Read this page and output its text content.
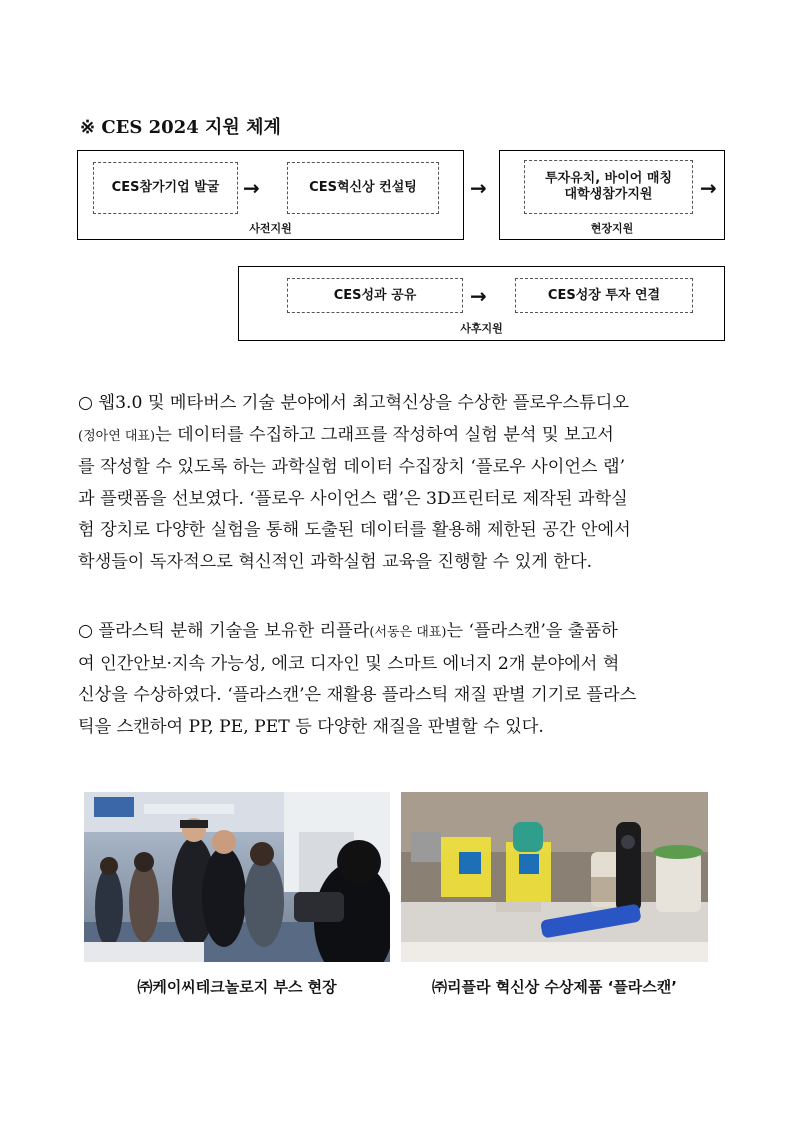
※ CES 2024 지원 체계
CES참가기업 발굴	→	CES혁신상 컨설팅
사전지원
→	투자유치, 바이어 매칭
대학생참가지원 →
현장지원
CES성과 공유	→	CES성장 투자 연결
사후지원
○ 웹3.0 및 메타버스 기술 분야에서 최고혁신상을 수상한 플로우스튜디오
(정아연 대표)는 데이터를 수집하고 그래프를 작성하여 실험 분석 및 보고서
를 작성할 수 있도록 하는 과학실험 데이터 수집장치 ‘플로우 사이언스 랩’
과 플랫폼을 선보였다. ‘플로우 사이언스 랩’은 3D프린터로 제작된 과학실
험 장치로 다양한 실험을 통해 도출된 데이터를 활용해 제한된 공간 안에서
학생들이 독자적으로 혁신적인 과학실험 교육을 진행할 수 있게 한다.
○ 플라스틱 분해 기술을 보유한 리플라(서동은 대표)는 ‘플라스캔’을 출품하
여 인간안보·지속 가능성, 에코 디자인 및 스마트 에너지 2개 분야에서 혁
신상을 수상하였다. ‘플라스캔’은 재활용 플라스틱 재질 판별 기기로 플라스
틱을 스캔하여 PP, PE, PET 등 다양한 재질을 판별할 수 있다.
㈜케이씨테크놀로지 부스 현장	㈜리플라 혁신상 수상제품 ‘플라스캔’
